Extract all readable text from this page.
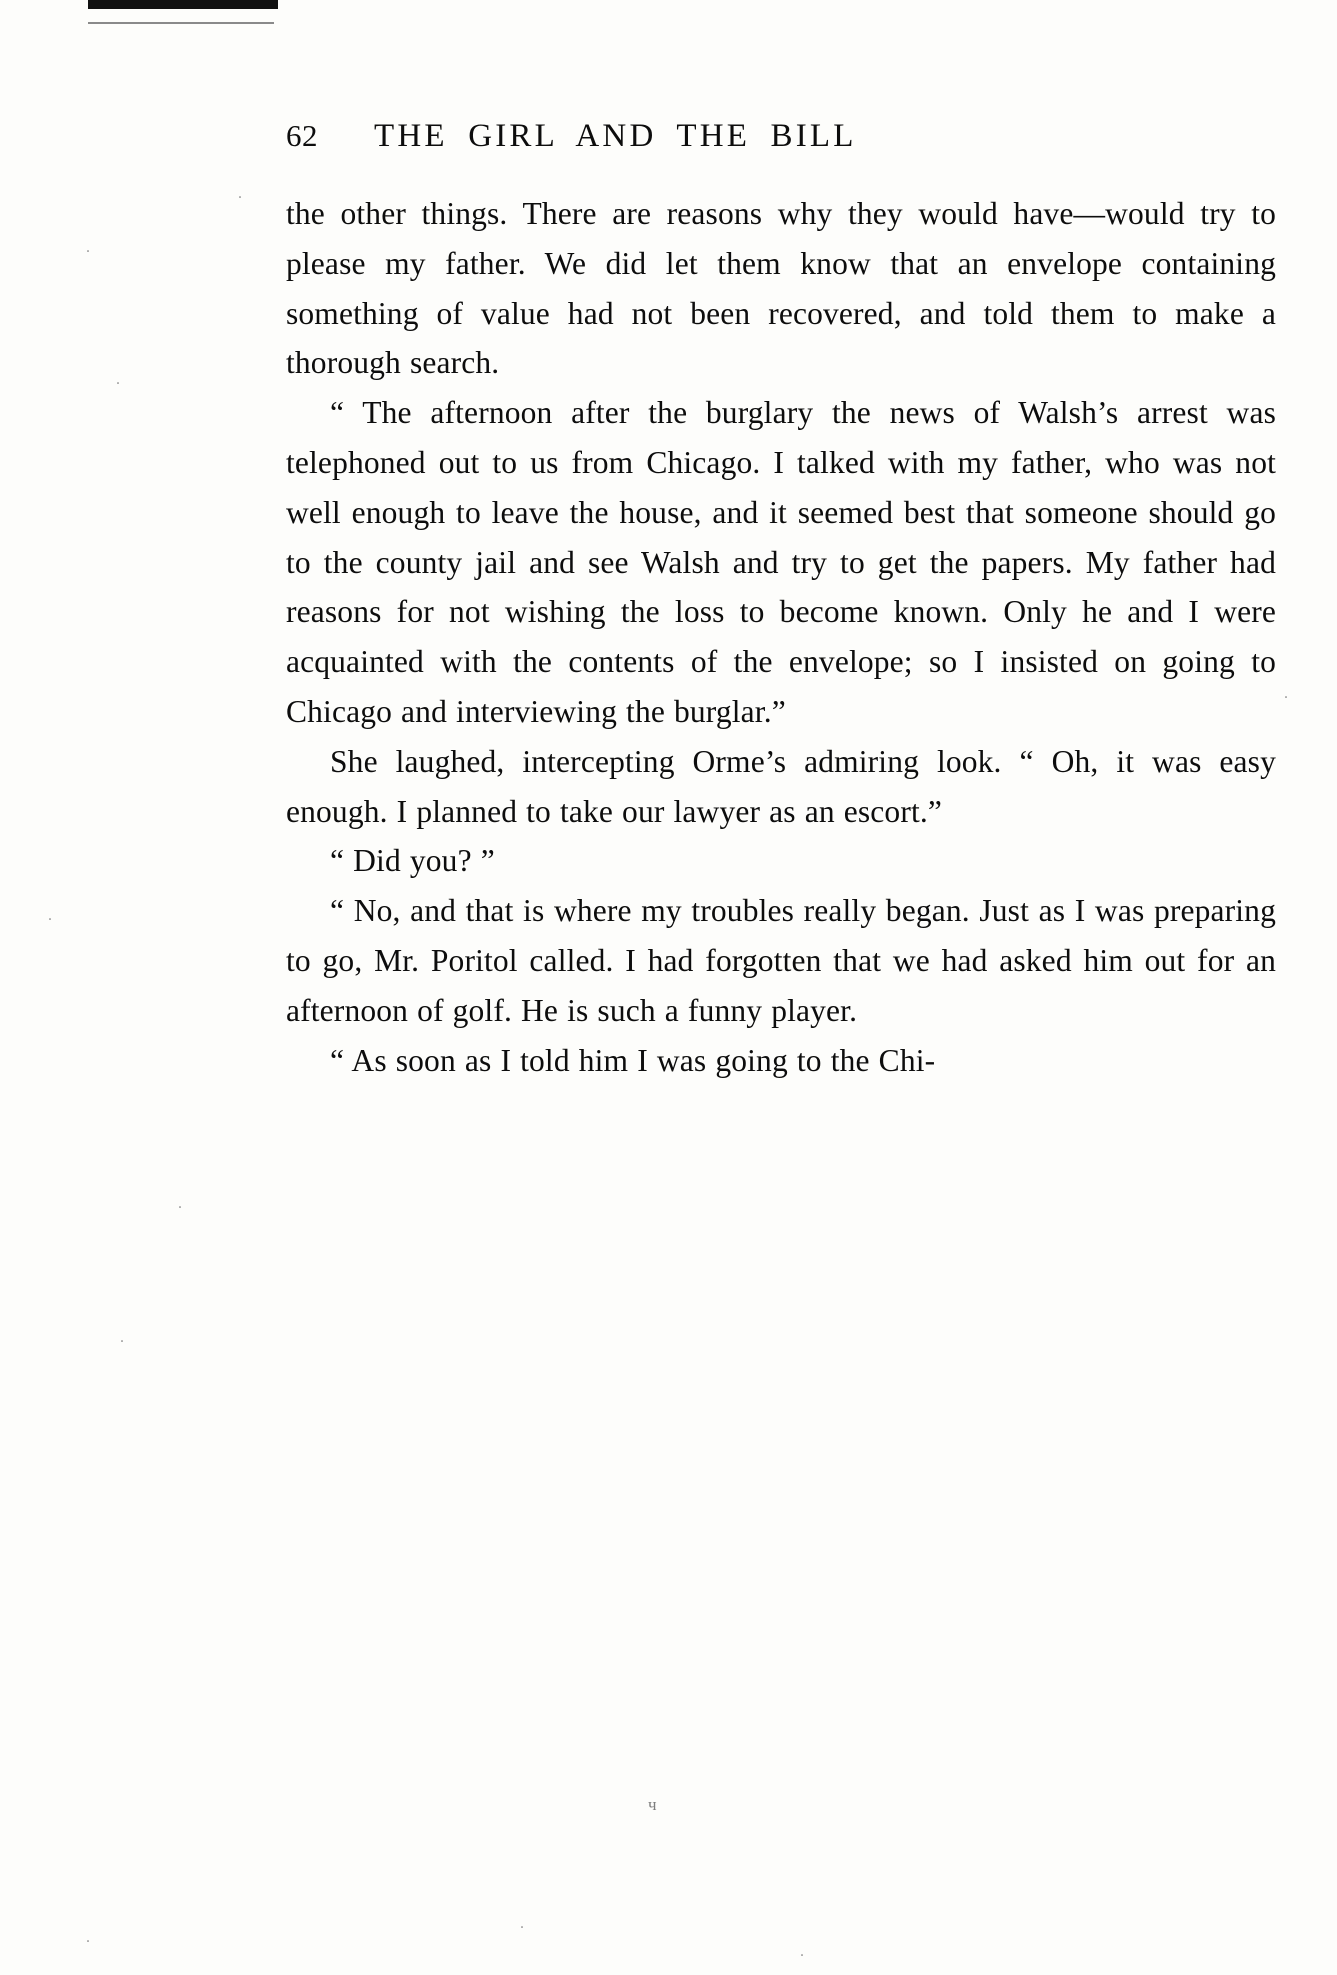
.
.
.
.
.
.
.
.
.
.
62 THE GIRL AND THE BILL

the other things. There are reasons why they would have—would try to please my father. We did let them know that an envelope containing something of value had not been recovered, and told them to make a thorough search.

“ The afternoon after the burglary the news of Walsh’s arrest was telephoned out to us from Chicago. I talked with my father, who was not well enough to leave the house, and it seemed best that someone should go to the county jail and see Walsh and try to get the papers. My father had reasons for not wishing the loss to become known. Only he and I were acquainted with the contents of the envelope; so I insisted on going to Chicago and interviewing the burglar.”

She laughed, intercepting Orme’s admiring look. “ Oh, it was easy enough. I planned to take our lawyer as an escort.”

“ Did you? ”

“ No, and that is where my troubles really began. Just as I was preparing to go, Mr. Poritol called. I had forgotten that we had asked him out for an afternoon of golf. He is such a funny player.

“ As soon as I told him I was going to the Chi-

ч
